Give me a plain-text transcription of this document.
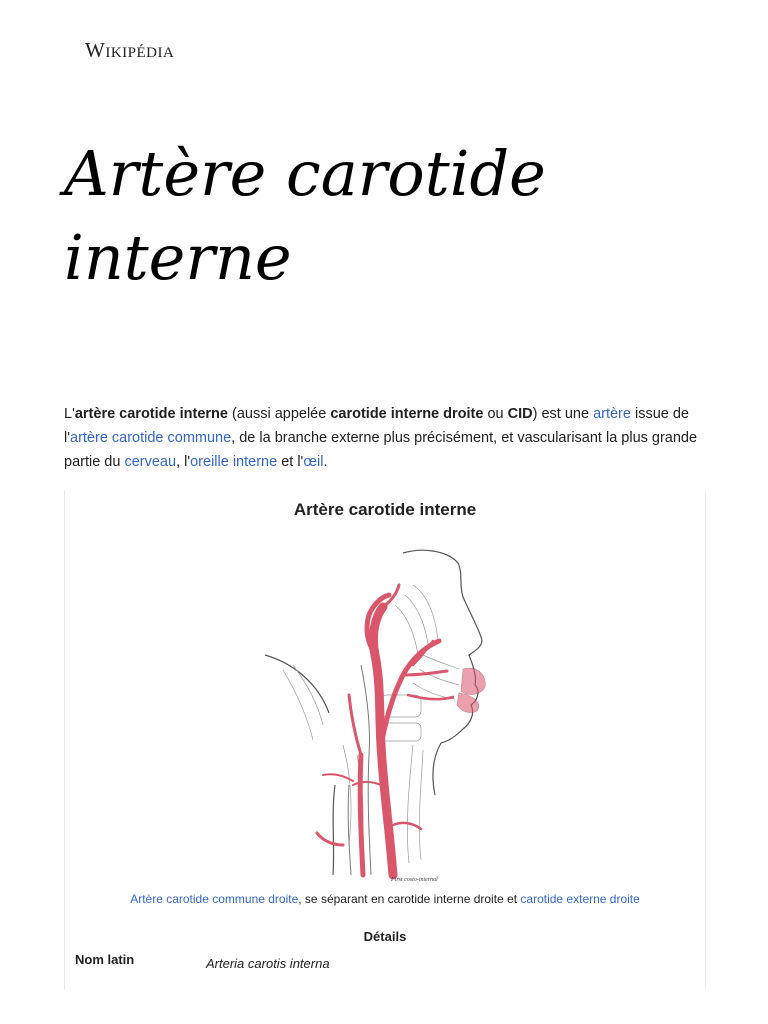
Wikipédia
Artère carotide interne

L'artère carotide interne (aussi appelée carotide interne droite ou CID) est une artère issue de l'artère carotide commune, de la branche externe plus précisément, et vascularisant la plus grande partie du cerveau, l'oreille interne et l'œil.

Artère carotide interne
First costo-internal
Artère carotide commune droite, se séparant en carotide interne droite et carotide externe droite
Détails
Nom latin	Arteria carotis interna
